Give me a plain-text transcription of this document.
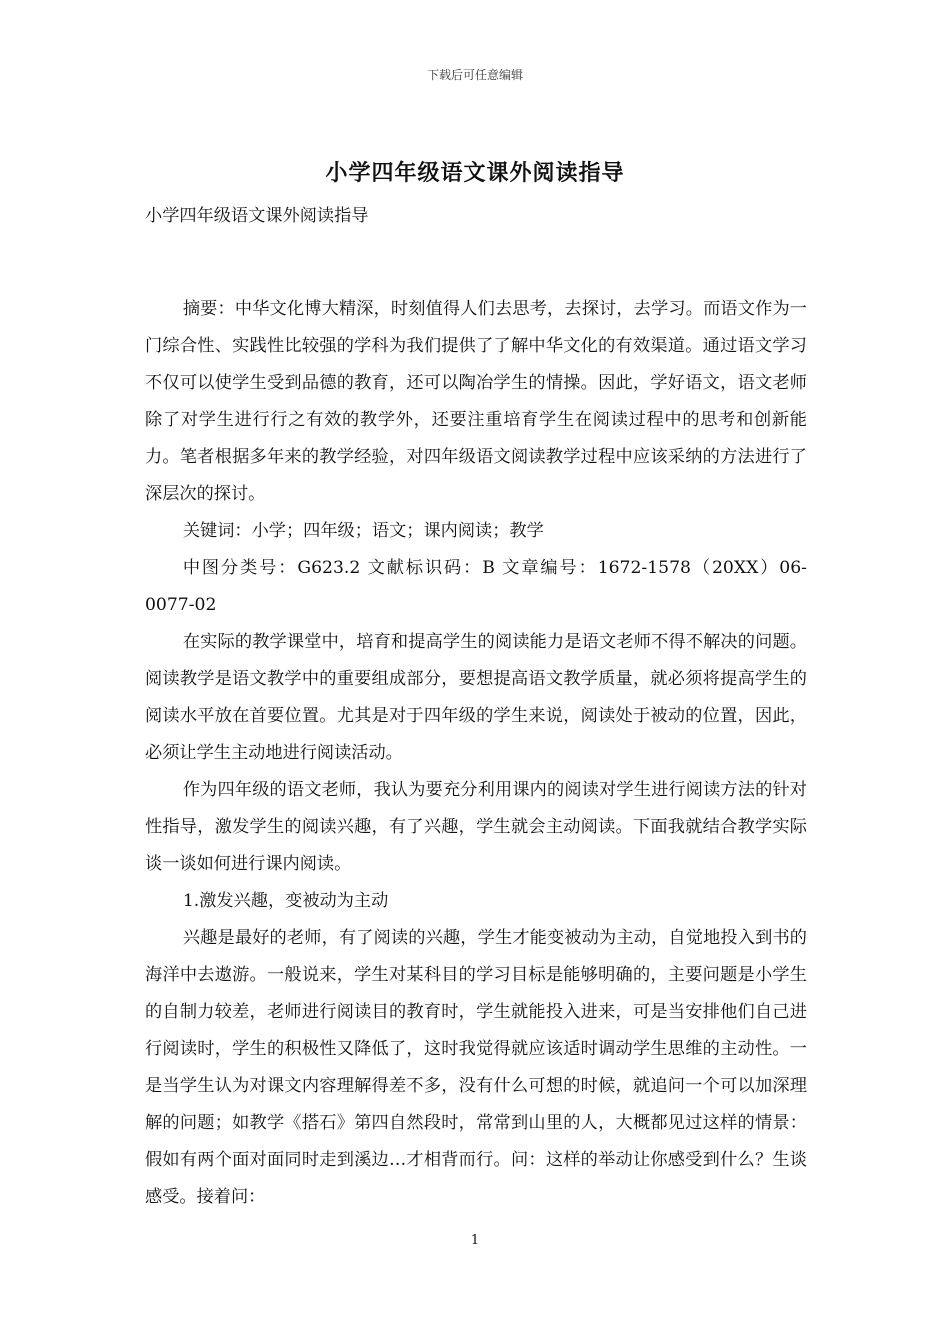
下载后可任意编辑
小学四年级语文课外阅读指导

小学四年级语文课外阅读指导

摘要：中华文化博大精深，时刻值得人们去思考，去探讨，去学习。而语文作为一门综合性、实践性比较强的学科为我们提供了了解中华文化的有效渠道。通过语文学习不仅可以使学生受到品德的教育，还可以陶冶学生的情操。因此，学好语文，语文老师除了对学生进行行之有效的教学外，还要注重培育学生在阅读过程中的思考和创新能力。笔者根据多年来的教学经验，对四年级语文阅读教学过程中应该采纳的方法进行了深层次的探讨。

关键词：小学；四年级；语文；课内阅读；教学

中图分类号：G623.2 文献标识码：B 文章编号：1672-1578（20XX）06-0077-02

在实际的教学课堂中，培育和提高学生的阅读能力是语文老师不得不解决的问题。阅读教学是语文教学中的重要组成部分，要想提高语文教学质量，就必须将提高学生的阅读水平放在首要位置。尤其是对于四年级的学生来说，阅读处于被动的位置，因此，必须让学生主动地进行阅读活动。

作为四年级的语文老师，我认为要充分利用课内的阅读对学生进行阅读方法的针对性指导，激发学生的阅读兴趣，有了兴趣，学生就会主动阅读。下面我就结合教学实际谈一谈如何进行课内阅读。

1.激发兴趣，变被动为主动

兴趣是最好的老师，有了阅读的兴趣，学生才能变被动为主动，自觉地投入到书的海洋中去遨游。一般说来，学生对某科目的学习目标是能够明确的，主要问题是小学生的自制力较差，老师进行阅读目的教育时，学生就能投入进来，可是当安排他们自己进行阅读时，学生的积极性又降低了，这时我觉得就应该适时调动学生思维的主动性。一是当学生认为对课文内容理解得差不多，没有什么可想的时候，就追问一个可以加深理解的问题；如教学《搭石》第四自然段时，常常到山里的人，大概都见过这样的情景：假如有两个面对面同时走到溪边…才相背而行。问：这样的举动让你感受到什么？生谈感受。接着问：

1
